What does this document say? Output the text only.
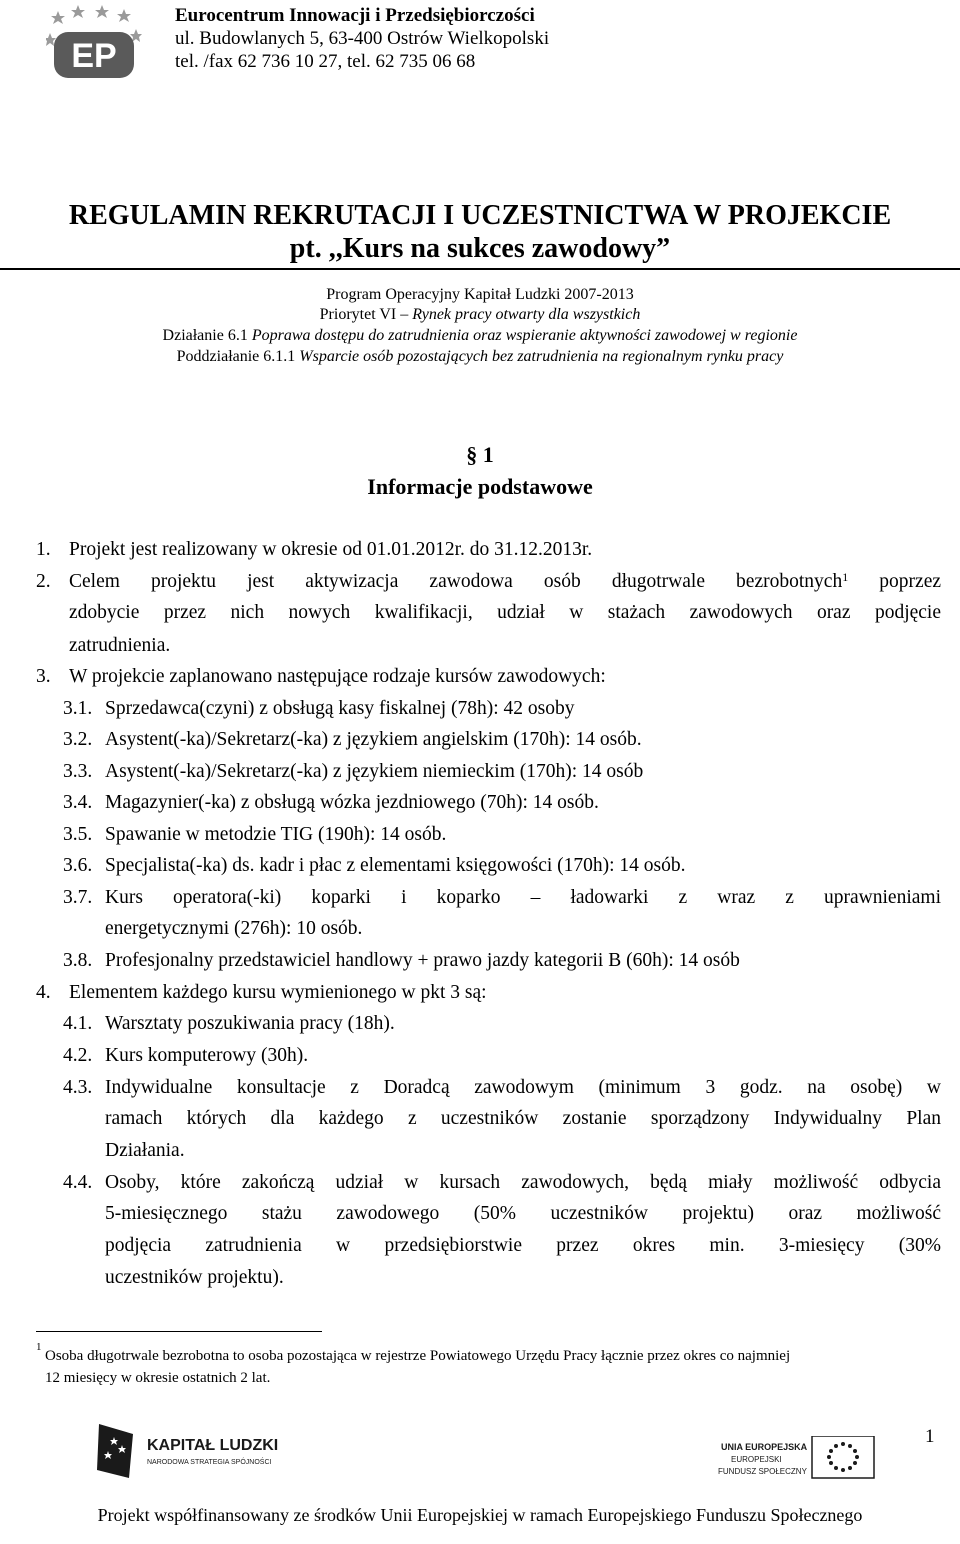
EP
Eurocentrum Innowacji i Przedsiębiorczości
ul. Budowlanych 5, 63-400 Ostrów Wielkopolski
tel. /fax 62 736 10 27, tel. 62 735 06 68
REGULAMIN REKRUTACJI I UCZESTNICTWA W PROJEKCIE
pt. ,,Kurs na sukces zawodowy”
Program Operacyjny Kapitał Ludzki 2007-2013
Priorytet VI – Rynek pracy otwarty dla wszystkich
Działanie 6.1 Poprawa dostępu do zatrudnienia oraz wspieranie aktywności zawodowej w regionie
Poddziałanie 6.1.1 Wsparcie osób pozostających bez zatrudnienia na regionalnym rynku pracy
§ 1
Informacje podstawowe
1. Projekt jest realizowany w okresie od 01.01.2012r. do 31.12.2013r.
2. Celem projektu jest aktywizacja zawodowa osób długotrwale bezrobotnych$^1$ poprzez
zdobycie przez nich nowych kwalifikacji, udział w stażach zawodowych oraz podjęcie
zatrudnienia.
3. W projekcie zaplanowano następujące rodzaje kursów zawodowych:
3.1. Sprzedawca(czyni) z obsługą kasy fiskalnej (78h): 42 osoby
3.2. Asystent(-ka)/Sekretarz(-ka) z językiem angielskim (170h): 14 osób.
3.3. Asystent(-ka)/Sekretarz(-ka) z językiem niemieckim (170h): 14 osób
3.4. Magazynier(-ka) z obsługą wózka jezdniowego (70h): 14 osób.
3.5. Spawanie w metodzie TIG (190h): 14 osób.
3.6. Specjalista(-ka) ds. kadr i płac z elementami księgowości (170h): 14 osób.
3.7. Kurs operatora(-ki) koparki i koparko – ładowarki z wraz z uprawnieniami
energetycznymi (276h): 10 osób.
3.8. Profesjonalny przedstawiciel handlowy + prawo jazdy kategorii B (60h): 14 osób
4. Elementem każdego kursu wymienionego w pkt 3 są:
4.1. Warsztaty poszukiwania pracy (18h).
4.2. Kurs komputerowy (30h).
4.3. Indywidualne konsultacje z Doradcą zawodowym (minimum 3 godz. na osobę) w
ramach których dla każdego z uczestników zostanie sporządzony Indywidualny Plan
Działania.
4.4. Osoby, które zakończą udział w kursach zawodowych, będą miały możliwość odbycia
5-miesięcznego stażu zawodowego (50% uczestników projektu) oraz możliwość
podjęcia zatrudnienia w przedsiębiorstwie przez okres min. 3-miesięcy (30%
uczestników projektu).
1
Osoba długotrwale bezrobotna to osoba pozostająca w rejestrze Powiatowego Urzędu Pracy łącznie przez okres co najmniej
12 miesięcy w okresie ostatnich 2 lat.
KAPITAŁ LUDZKI
NARODOWA STRATEGIA SPÓJNOŚCI
UNIA EUROPEJSKA
EUROPEJSKI
FUNDUSZ SPOŁECZNY
1
Projekt współfinansowany ze środków Unii Europejskiej w ramach Europejskiego Funduszu Społecznego
